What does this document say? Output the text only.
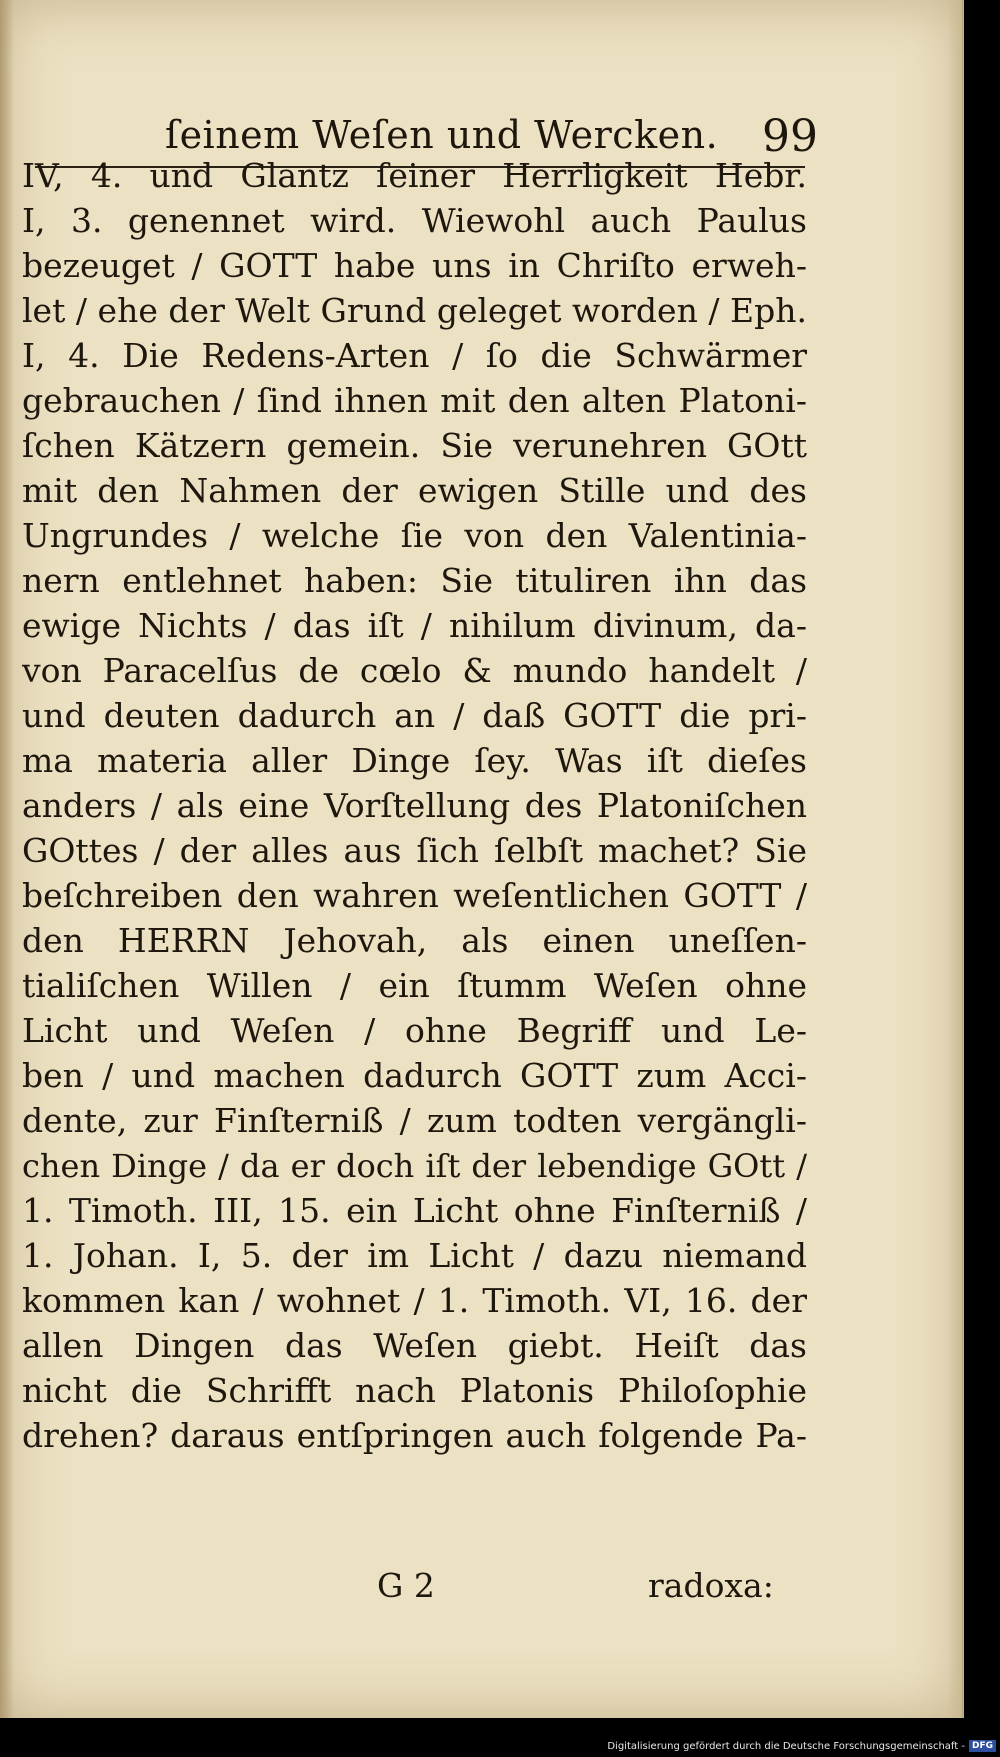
ſeinem Weſen und Wercken. 99
IV, 4. und Glantz ſeiner Herrligkeit Hebr.
I, 3. genennet wird. Wiewohl auch Paulus
bezeuget / GOTT habe uns in Chriſto erweh-
let / ehe der Welt Grund geleget worden / Eph.
I, 4. Die Redens-Arten / ſo die Schwärmer
gebrauchen / ſind ihnen mit den alten Platoni-
ſchen Kätzern gemein. Sie verunehren GOtt
mit den Nahmen der ewigen Stille und des
Ungrundes / welche ſie von den Valentinia-
nern entlehnet haben: Sie tituliren ihn das
ewige Nichts / das iſt / nihilum divinum, da-
von Paracelſus de cœlo & mundo handelt /
und deuten dadurch an / daß GOTT die pri-
ma materia aller Dinge ſey. Was iſt dieſes
anders / als eine Vorſtellung des Platoniſchen
GOttes / der alles aus ſich ſelbſt machet? Sie
beſchreiben den wahren weſentlichen GOTT /
den HERRN Jehovah, als einen uneſſen-
tialiſchen Willen / ein ſtumm Weſen ohne
Licht und Weſen / ohne Begriff und Le-
ben / und machen dadurch GOTT zum Acci-
dente, zur Finſterniß / zum todten vergängli-
chen Dinge / da er doch iſt der lebendige GOtt /
1. Timoth. III, 15. ein Licht ohne Finſterniß /
1. Johan. I, 5. der im Licht / dazu niemand
kommen kan / wohnet / 1. Timoth. VI, 16. der
allen Dingen das Weſen giebt. Heiſt das
nicht die Schrifft nach Platonis Philoſophie
drehen? daraus entſpringen auch folgende Pa-
G 2	radoxa:
Digitalisierung gefördert durch die Deutsche Forschungsgemeinschaft - DFG
